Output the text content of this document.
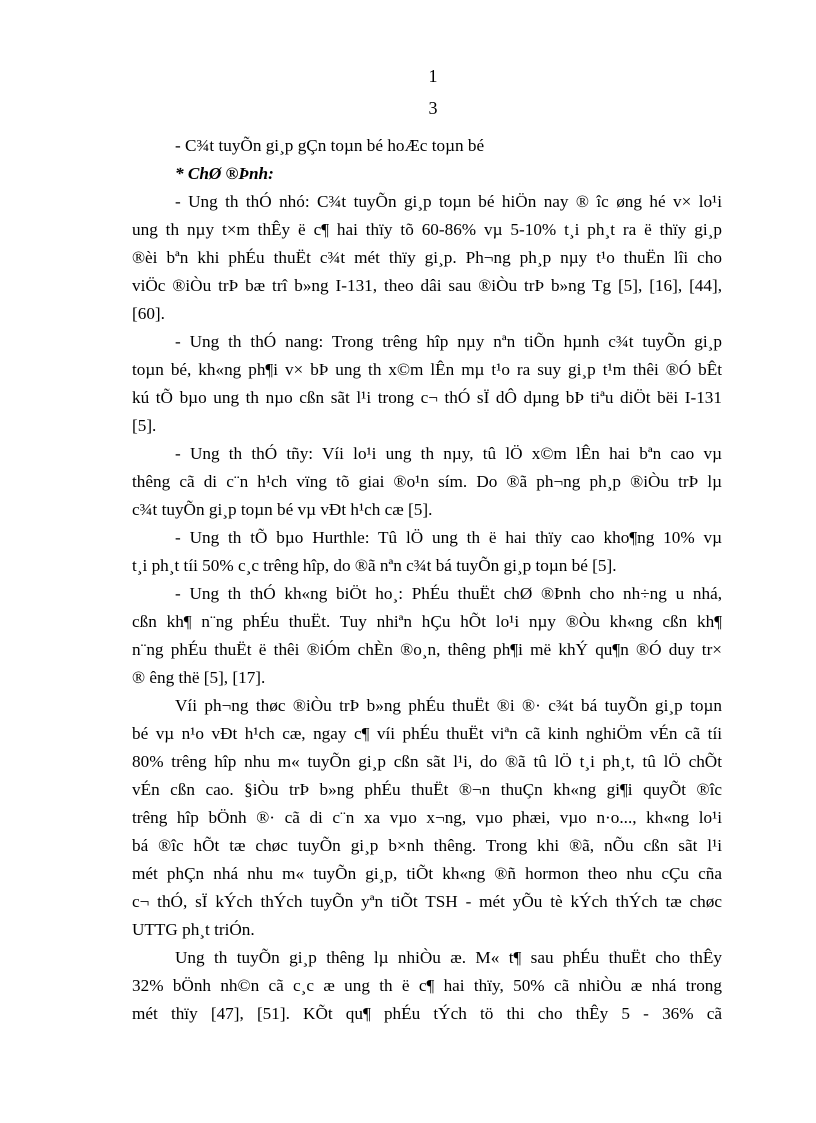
1
3
- C¾t tuyÕn gi¸p gÇn toµn bé hoÆc toµn bé
* ChØ ®Þnh:
- Ung th thÓ nhó: C¾t tuyÕn gi¸p toµn bé hiÖn nay ® îc øng hé v× lo¹i
ung th nµy t×m thÊy ë c¶ hai thïy tõ 60-86% vµ 5-10% t¸i ph¸t ra ë thïy gi¸p
®èi bªn khi phÉu thuËt c¾t mét thïy gi¸p. Ph¬ng ph¸p nµy t¹o thuËn lîi cho
viÖc ®iÒu trÞ bæ trî b»ng I-131, theo dâi sau ®iÒu trÞ b»ng Tg [5], [16], [44],
[60].
- Ung th thÓ nang: Trong trêng hîp nµy nªn tiÕn hµnh c¾t tuyÕn gi¸p
toµn bé, kh«ng ph¶i v× bÞ ung th x©m lÊn mµ t¹o ra suy gi¸p t¹m thêi ®Ó bÊt
kú tÕ bµo ung th nµo cßn sãt l¹i trong c¬ thÓ sÏ dÔ dµng bÞ tiªu diÖt bëi I-131
[5].
- Ung th thÓ tñy: Víi lo¹i ung th nµy, tû lÖ x©m lÊn hai bªn cao vµ
thêng cã di c¨n h¹ch vïng tõ giai ®o¹n sím. Do ®ã ph¬ng ph¸p ®iÒu trÞ lµ
c¾t tuyÕn gi¸p toµn bé vµ vÐt h¹ch cæ [5].
- Ung th tÕ bµo Hurthle: Tû lÖ ung th ë hai thïy cao kho¶ng 10% vµ
t¸i ph¸t tíi 50% c¸c trêng hîp, do ®ã nªn c¾t bá tuyÕn gi¸p toµn bé [5].
- Ung th thÓ kh«ng biÖt ho¸: PhÉu thuËt chØ ®Þnh cho nh÷ng u nhá,
cßn kh¶ n¨ng phÉu thuËt. Tuy nhiªn hÇu hÕt lo¹i nµy ®Òu kh«ng cßn kh¶
n¨ng phÉu thuËt ë thêi ®iÓm chÈn ®o¸n, thêng ph¶i më khÝ qu¶n ®Ó duy tr×
® êng thë [5], [17].
Víi ph¬ng thøc ®iÒu trÞ b»ng phÉu thuËt ®i ®· c¾t bá tuyÕn gi¸p toµn
bé vµ n¹o vÐt h¹ch cæ, ngay c¶ víi phÉu thuËt viªn cã kinh nghiÖm vÉn cã tíi
80% trêng hîp nhu m« tuyÕn gi¸p cßn sãt l¹i, do ®ã tû lÖ t¸i ph¸t, tû lÖ chÕt
vÉn cßn cao. §iÒu trÞ b»ng phÉu thuËt ®¬n thuÇn kh«ng gi¶i quyÕt ®îc
trêng hîp bÖnh ®· cã di c¨n xa vµo x¬ng, vµo phæi, vµo n·o..., kh«ng lo¹i
bá ®îc hÕt tæ chøc tuyÕn gi¸p b×nh thêng. Trong khi ®ã, nÕu cßn sãt l¹i
mét phÇn nhá nhu m« tuyÕn gi¸p, tiÕt kh«ng ®ñ hormon theo nhu cÇu cña
c¬ thÓ, sÏ kÝch thÝch tuyÕn yªn tiÕt TSH - mét yÕu tè kÝch thÝch tæ chøc
UTTG ph¸t triÓn.
Ung th tuyÕn gi¸p thêng lµ nhiÒu æ. M« t¶ sau phÉu thuËt cho thÊy
32% bÖnh nh©n cã c¸c æ ung th ë c¶ hai thïy, 50% cã nhiÒu æ nhá trong
mét thïy [47], [51]. KÕt qu¶ phÉu tÝch tö thi cho thÊy 5 - 36% cã
